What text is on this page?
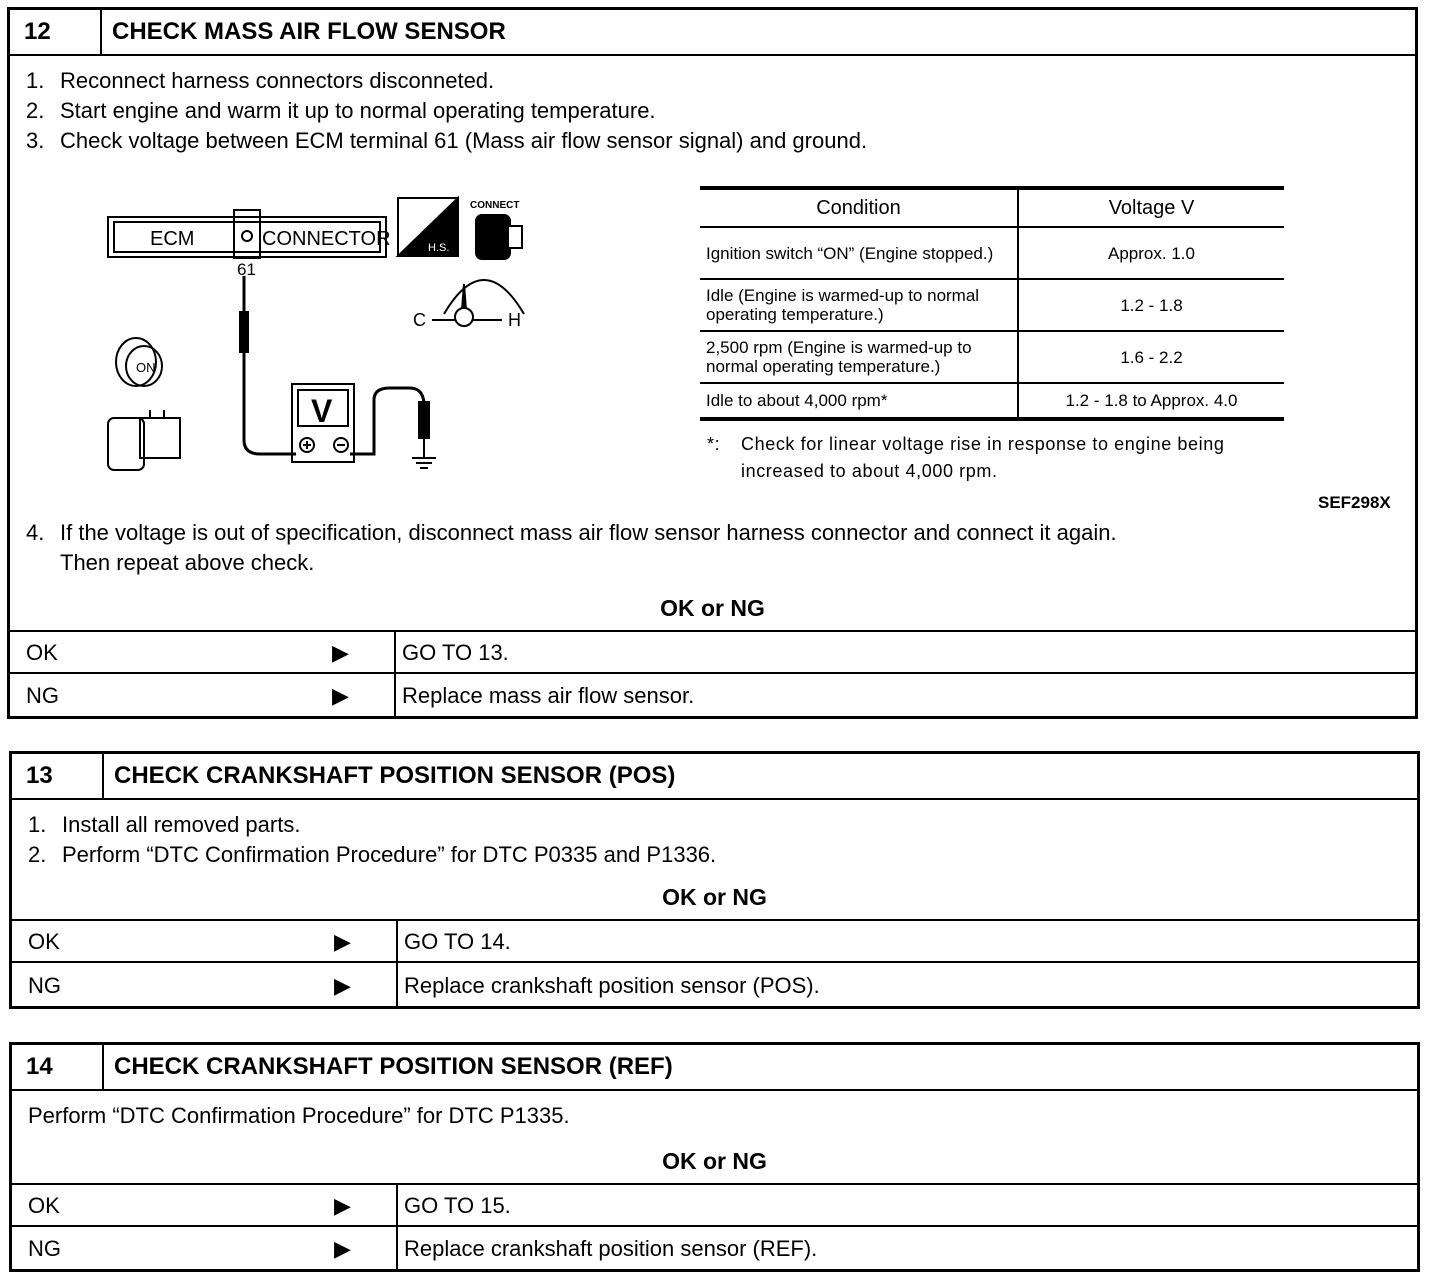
12	CHECK MASS AIR FLOW SENSOR
1. Reconnect harness connectors disconneted.
2. Start engine and warm it up to normal operating temperature.
3. Check voltage between ECM terminal 61 (Mass air flow sensor signal) and ground.
ECM	CONNECTOR
61
V
H.S.
CONNECT
ON
C	H
Condition	Voltage V
Ignition switch “ON” (Engine stopped.)	Approx. 1.0
Idle (Engine is warmed-up to normal operating temperature.)	1.2 - 1.8
2,500 rpm (Engine is warmed-up to normal operating temperature.)	1.6 - 2.2
Idle to about 4,000 rpm*	1.2 - 1.8 to Approx. 4.0
*:	Check for linear voltage rise in response to engine being increased to about 4,000 rpm.
SEF298X
4. If the voltage is out of specification, disconnect mass air flow sensor harness connector and connect it again.
Then repeat above check.
OK or NG
OK	▶	GO TO 13.
NG	▶	Replace mass air flow sensor.
13	CHECK CRANKSHAFT POSITION SENSOR (POS)
1. Install all removed parts.
2. Perform “DTC Confirmation Procedure” for DTC P0335 and P1336.
OK or NG
OK	▶	GO TO 14.
NG	▶	Replace crankshaft position sensor (POS).
14	CHECK CRANKSHAFT POSITION SENSOR (REF)
Perform “DTC Confirmation Procedure” for DTC P1335.
OK or NG
OK	▶	GO TO 15.
NG	▶	Replace crankshaft position sensor (REF).
